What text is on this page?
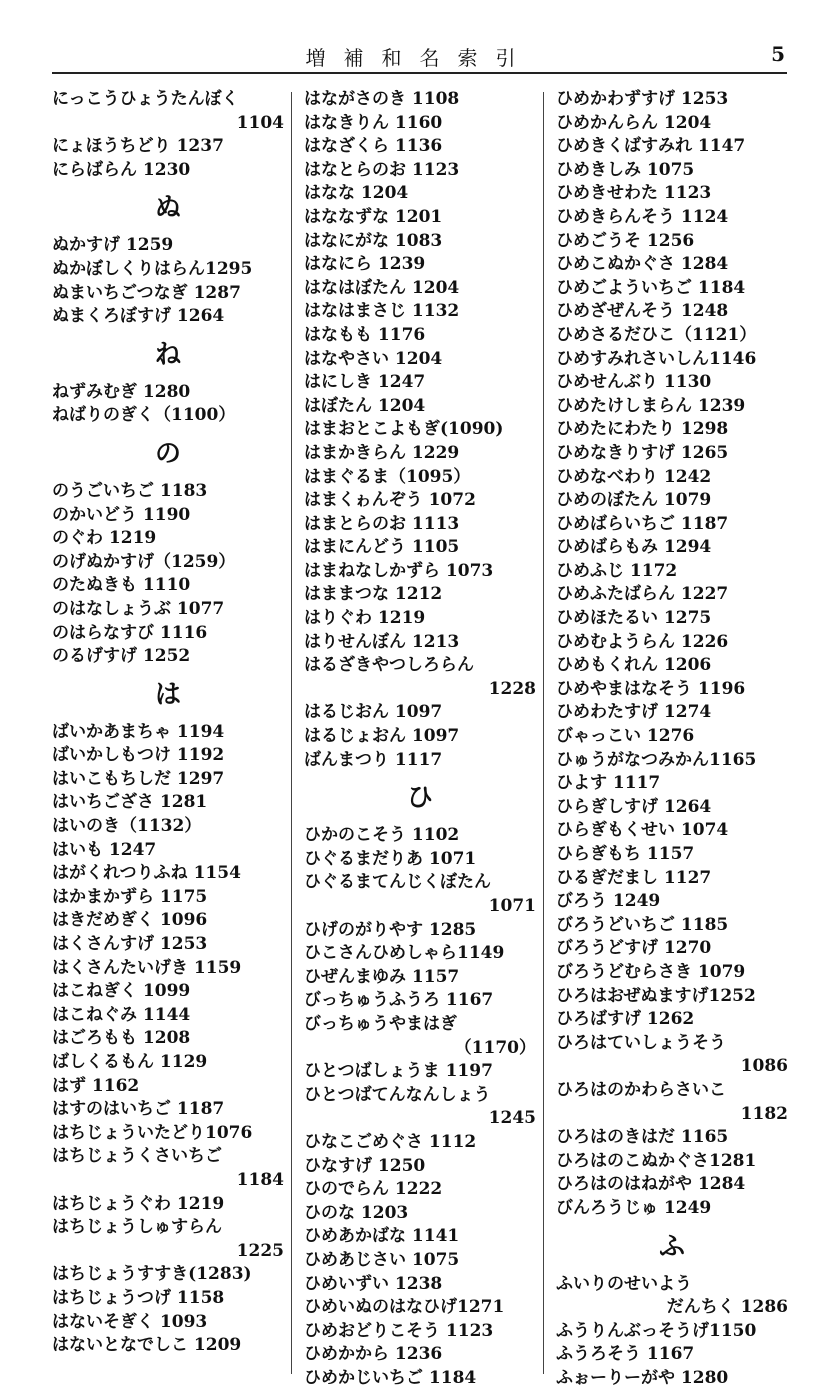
増補和名索引	5
にっこうひょうたんぼく
1104
にょほうちどり 1237
にらばらん 1230
ぬ
ぬかすげ 1259
ぬかぼしくりはらん1295
ぬまいちごつなぎ 1287
ぬまくろぼすげ 1264
ね
ねずみむぎ 1280
ねばりのぎく（1100）
の
のうごいちご 1183
のかいどう 1190
のぐわ 1219
のげぬかすげ（1259）
のたぬきも 1110
のはなしょうぶ 1077
のはらなすび 1116
のるげすげ 1252
は
ばいかあまちゃ 1194
ばいかしもつけ 1192
はいこもちしだ 1297
はいちござさ 1281
はいのき（1132）
はいも 1247
はがくれつりふね 1154
はかまかずら 1175
はきだめぎく 1096
はくさんすげ 1253
はくさんたいげき 1159
はこねぎく 1099
はこねぐみ 1144
はごろもも 1208
ばしくるもん 1129
はず 1162
はすのはいちご 1187
はちじょういたどり1076
はちじょうくさいちご
1184
はちじょうぐわ 1219
はちじょうしゅすらん
1225
はちじょうすすき(1283)
はちじょうつげ 1158
はないそぎく 1093
はないとなでしこ 1209
はながさのき 1108
はなきりん 1160
はなざくら 1136
はなとらのお 1123
はなな 1204
はななずな 1201
はなにがな 1083
はなにら 1239
はなはぼたん 1204
はなはまさじ 1132
はなもも 1176
はなやさい 1204
はにしき 1247
はぼたん 1204
はまおとこよもぎ(1090)
はまかきらん 1229
はまぐるま（1095）
はまくゎんぞう 1072
はまとらのお 1113
はまにんどう 1105
はまねなしかずら 1073
はままつな 1212
はりぐわ 1219
はりせんぼん 1213
はるざきやつしろらん
1228
はるじおん 1097
はるじょおん 1097
ばんまつり 1117
ひ
ひかのこそう 1102
ひぐるまだりあ 1071
ひぐるまてんじくぼたん
1071
ひげのがりやす 1285
ひこさんひめしゃら1149
ひぜんまゆみ 1157
びっちゅうふうろ 1167
びっちゅうやまはぎ
（1170）
ひとつばしょうま 1197
ひとつばてんなんしょう
1245
ひなこごめぐさ 1112
ひなすげ 1250
ひのでらん 1222
ひのな 1203
ひめあかばな 1141
ひめあじさい 1075
ひめいずい 1238
ひめいぬのはなひげ1271
ひめおどりこそう 1123
ひめかから 1236
ひめかじいちご 1184
ひめかわずすげ 1253
ひめかんらん 1204
ひめきくばすみれ 1147
ひめきしみ 1075
ひめきせわた 1123
ひめきらんそう 1124
ひめごうそ 1256
ひめこぬかぐさ 1284
ひめごよういちご 1184
ひめざぜんそう 1248
ひめさるだひこ（1121）
ひめすみれさいしん1146
ひめせんぶり 1130
ひめたけしまらん 1239
ひめたにわたり 1298
ひめなきりすげ 1265
ひめなべわり 1242
ひめのぼたん 1079
ひめばらいちご 1187
ひめばらもみ 1294
ひめふじ 1172
ひめふたばらん 1227
ひめほたるい 1275
ひめむようらん 1226
ひめもくれん 1206
ひめやまはなそう 1196
ひめわたすげ 1274
びゃっこい 1276
ひゅうがなつみかん1165
ひよす 1117
ひらぎしすげ 1264
ひらぎもくせい 1074
ひらぎもち 1157
ひるぎだまし 1127
びろう 1249
びろうどいちご 1185
びろうどすげ 1270
びろうどむらさき 1079
ひろはおぜぬますげ1252
ひろばすげ 1262
ひろはていしょうそう
1086
ひろはのかわらさいこ
1182
ひろはのきはだ 1165
ひろはのこぬかぐさ1281
ひろはのはねがや 1284
びんろうじゅ 1249
ふ
ふいりのせいよう
だんちく 1286
ふうりんぶっそうげ1150
ふうろそう 1167
ふぉーりーがや 1280
